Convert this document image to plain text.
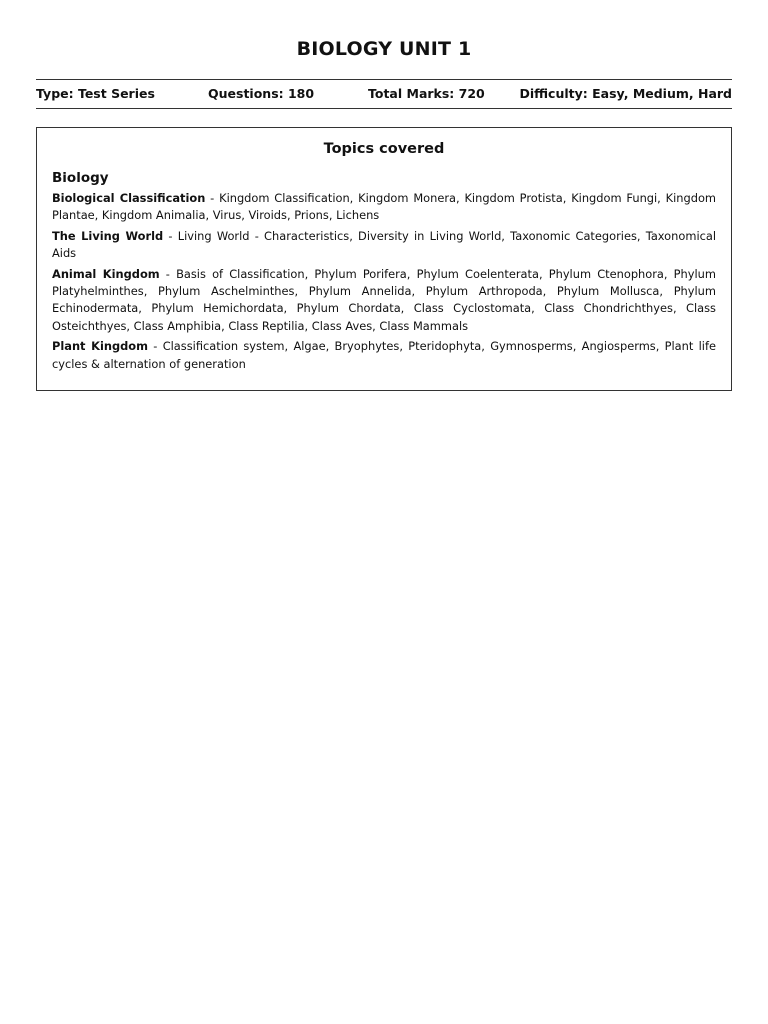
BIOLOGY UNIT 1
Type: Test Series	Questions: 180	Total Marks: 720	Difficulty: Easy, Medium, Hard
Topics covered
Biology
Biological Classification - Kingdom Classification, Kingdom Monera, Kingdom Protista, Kingdom Fungi, Kingdom Plantae, Kingdom Animalia, Virus, Viroids, Prions, Lichens
The Living World - Living World - Characteristics, Diversity in Living World, Taxonomic Categories, Taxonomical Aids
Animal Kingdom - Basis of Classification, Phylum Porifera, Phylum Coelenterata, Phylum Ctenophora, Phylum Platyhelminthes, Phylum Aschelminthes, Phylum Annelida, Phylum Arthropoda, Phylum Mollusca, Phylum Echinodermata, Phylum Hemichordata, Phylum Chordata, Class Cyclostomata, Class Chondrichthyes, Class Osteichthyes, Class Amphibia, Class Reptilia, Class Aves, Class Mammals
Plant Kingdom - Classification system, Algae, Bryophytes, Pteridophyta, Gymnosperms, Angiosperms, Plant life cycles & alternation of generation
